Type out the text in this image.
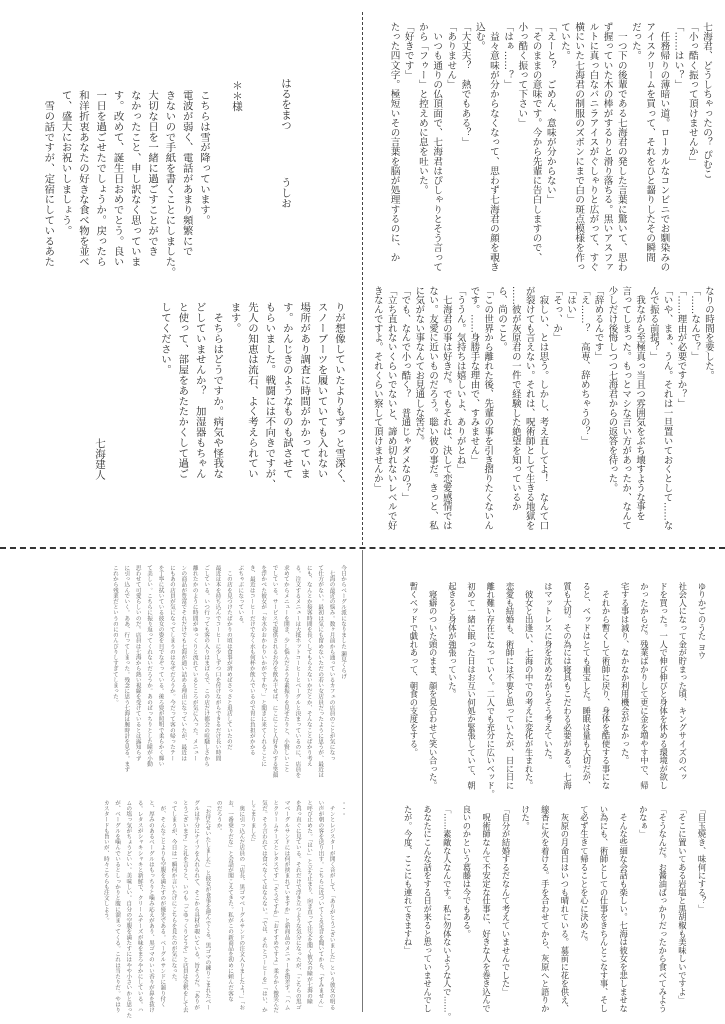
七海君、どうしちゃったの？ ぴむこ
「小っ酷く振って頂けませんか」
「……はい？」
　任務帰りの薄暗い道。ローカルなコンビニでお馴染みの
アイスクリームを買って、それをひと齧りしたその瞬間
だった。
　一つ下の後輩である七海君の発した言葉に驚いて、思わ
ず握っていた木の棒がするりと滑り落ちる。黒いアスファ
ルトに真っ白なバニラアイスがぐしゃりと広がって、すぐ
横にいた七海君の制服のズボンにまで白の斑点模様を作っ
ていた。
「えーと？　ごめん、意味が分からない」
「そのままの意味です。今から先輩に告白しますので、
小っ酷く振って下さい」
「はぁ……？」
　益々意味が分からなくなって、思わず七海君の顔を覗き
込む。
「大丈夫？　熱でもある？」
「ありません」
　いつも通りの仏頂面で、七海君はぴしゃりとそう言って
から「フゥー」と控えめに息を吐いた。
「好きです」
たった四文字。極短いその言葉を脳が処理するのに、か
なりの時間を要した。
「……なんで？」
「……理由が必要ですか？」
「いや、まぁ、うん。それは一旦置いておくとして……な
んで振る前提？」
　我ながら至極真っ当且つ雰囲気をぶち壊すような事を
言ってしまった。もっとマシな言い方があったか、なんて
少しだけ後悔しつつ七海君からの返答を待った。
「辞めるんです」
「え……？　高専、辞めちゃうの？」
「はい」
「そっ、か」
　寂しい、とは思う。しかし、考え直してよ！　なんて口
が裂けても言えない。それは、呪術師として生きる地獄を
……彼が灰原君の一件で経験した絶望を知っているか
ら、尚のこと。
「この世界から離れた後、先輩の事を引き摺りたくないん
です。……身勝手な理由で、すみません」
「ううん。気持ちは嬉しいよ、ありがとね」
　七海君の事は好きだ。でもそれは、決して恋愛感情では
ない。友愛に近いものだろう。聡い彼の事だ。きっと、私
に気がない事なんてお見通しな筈だ。
「でも、なんで小っ酷く？　普通じゃダメなの？」
「立ち直れないくらいでないと、諦め切れないレベルで好
きなんですよ。それくらい察して頂けませんか」
はるをまつ
うしお
＊＊様
こちらは雪が降っています。
電波が弱く、電話があまり頻繁にで
きないので手紙を書くことにしました。
大切な日を一緒に過ごすことができ
なかったこと、申し訳なく思っていま
す。改めて、誕生日おめでとう。良い
一日を過ごせたでしょうか。戻ったら
和洋折衷あなたの好きな食べ物を並べ
て、盛大にお祝いしましょう。
　雪の話ですが、定宿にしているあた
りが想像していたよりもずっと雪深く、
スノーブーツを履いていても入れない
場所があり調査に時間がかかっていま
す。かんじきのようなものも試させて
もらいました。戦闘には不向きですが、
先人の知恵は流石、よく考えられてい
ます。
　そちらはどうですか。病気や怪我な
どしていませんか？　加湿器もちゃん
と使って、部屋をあたたかくして過ご
してください。
七海建人
ゆりかごのうた ヨウ
社会人になって金が貯まった頃、キングサイズのベッ
ドを買った。一人で伸び伸びと身体を休める環境が欲し
かったからだ。残業ばかりして更に金を増やす中で、帰
宅する事は減り、なかなか利用機会がなかった。
　それから暫くして術師に戻り、身体を酷使する事にな
ると、ベッドはとても重宝した。睡眠は量も大切だが、
質も大切。その為には寝具もこだわる必要がある。七海
はマットレスに身を沈めながらそう考えていた。
　彼女と出逢い、七海の中での考えに変化が生まれた。
恋愛も結婚も、術師には不要と思っていたが、日に日に
離れ難い存在になっていく。二人でも充分に広いベッド。
初めて一緒に眠った日はお互い何処か緊張していて、朝
起きると身体が強張っていた。
　寝癖のついた頭のまま、顔を見合わせて笑い合った。
暫くベッドで戯れあって、朝食の支度をする。
「目玉焼き、味何にする？」
「そこに置いてある岩塩と黒胡椒も美味しいですよ」
「そうなんだ。お醤油ばっかりだったから食べてみよう
かなぁ」
　そんな些細な会話も楽しい。七海は彼女を悲しませな
い為にも、術師としての仕事をきちんとこなす事、そし
て必ず生きて帰ることを心に決めた。
　灰原の月命日はいつも晴れている。墓前に花を供え、
線香に火を着ける。手を合わせてから、灰原へと語りか
けた。
「自分が結婚するだなんて考えていませんでした」
　呪術師なんて不安定な仕事に、好きな人を巻き込んで
良いのかという葛藤は今でもある。
「……素敵な人なんです。私に勿体ないような人で……。
あなたにこんな話をする日が来ると思っていませんでし
たが。今度、ここにも連れてきますね」
今日からベーグル派になりました 瀬見くらげ
　七海の最近の悩み。数ヶ月前から通っているカフェの店員のことが気になっ
て仕方がない。最初は気にも留めないただの若い女店員だったように思うが、最近は
にも、なんとか接客時間を長くしてもらえないかだとか、そんなことばかり考え
る。注文するメニューは大抵ホットコーヒーとベーグルと決まっているのに、店員を
求めてからメニューを開き、少し悩んだような素振りを見せたりと、小賢しいこと
でしている。サービスで提供されるお冷を飲み干せば、にこにこと人好きのする笑顔
を浮かべた彼女が「お水のおかわりいかがですか？」と聞きに来てくれることに
き、最近はコーヒーだけでなく水も何杯か飲んでいるので胃に負担がかかる
ぶちゃぶになっている。
　この店を見つけたばかりの頃は食事が済めばさっさと退店していたのだ
最近は本を持ち込んでコーヒーに少しずつ口を付けながらできるだけ長い時間
ごしている。いつ行っても客の入りはまばらで、この店だけ都会の喧騒しさから
離れたかのように時間がゆっくりと流れているところが気に入った。メニュー
ンの商品が豊富でそれだけでも七海が通い詰める理由になっていたが、最近は
にもあの店員が気になってしまうのはなぜだろうか。今だって客の帰ったテー
を丁寧に拭いている彼女の姿を目でなぞっている。後ろ髪が照明で柔らかく輝い
て美しい。こちらに振り返ってくれないだろうか。あのぱっちりとした瞳が小動
思わせて可愛らしいのだ。店員は七海から熱い視線を受けているとは露知らず
に引っ込んでいく。ああ、行ってしまった。残念に思う七海は腕時計を見る。まず
これから残業だというのにのんびりしすぎてしまった。
・・・
　チンとレジスターが開く音がして、「ありがとうございました」という彼女の明る
い声が朝の客を送り出す。こちらに近づいてくる足音を聞いてから、「すみません」
と呼び止めた。「はい」と立ち止まり、向き直って注文を聞く彼女の瞳が七海の瞳
を真っ直ぐに見ている。それだけで浮き立つような気分になったが、「こちらの黒ゴ
マベーグルサンドには何が挟まれていますか」と新商品のメニューを指差す。「ハム
とクリームチーズとレタスです」「そうですか」「おすすめですよ」柔らかく微笑んだ
気だ。そう言われては食べなくてはならない。「では、それとコーヒーを」「はい、か
しこまりました」
　奥に引っ込んだ店員の「店長、黒ゴマベーグルサンドの注文入りましたよ！」「お
お、一番乗りだな」と会話が聞こえてきた。私がこの新商品を初めに頼んだ客な
のだろうか。
　「お待たせいたしました」と彼女が食事を運んでくる。黒ゴマの練りこまれたベー
グルは半分にナイフを入れられて、そこから具材が覗いている。旨そうだ。「ありが
とうございます」と礼を言うと、いつも「ごゆっくりどうぞ」と店員は会釈をして去
ってしまうが、今日は一瞬何か言いたげにこちらを見たのが気になった。
　が、そんなことよりも空腹を満たすのが優先である。ベーグルサンドに齧り付く
と、厚みのあるベーグルはもっちりと噛み応えがあり、黒ゴマのいい香りが鼻を抜け
る。レタスがシャキシャキと新鮮で、クリームチーズが味をまろやかにしている。ハ
ムの塩っ気がちょうどいい。美味しい。自分の空腹を満たすにはやや小さいかと思った
が、ベーグルを噛んでいるとしっかりと腹に溜まってくる。これは当たりだ。やはり
カスタードも旨いが、時々こちらも注文しよう。
